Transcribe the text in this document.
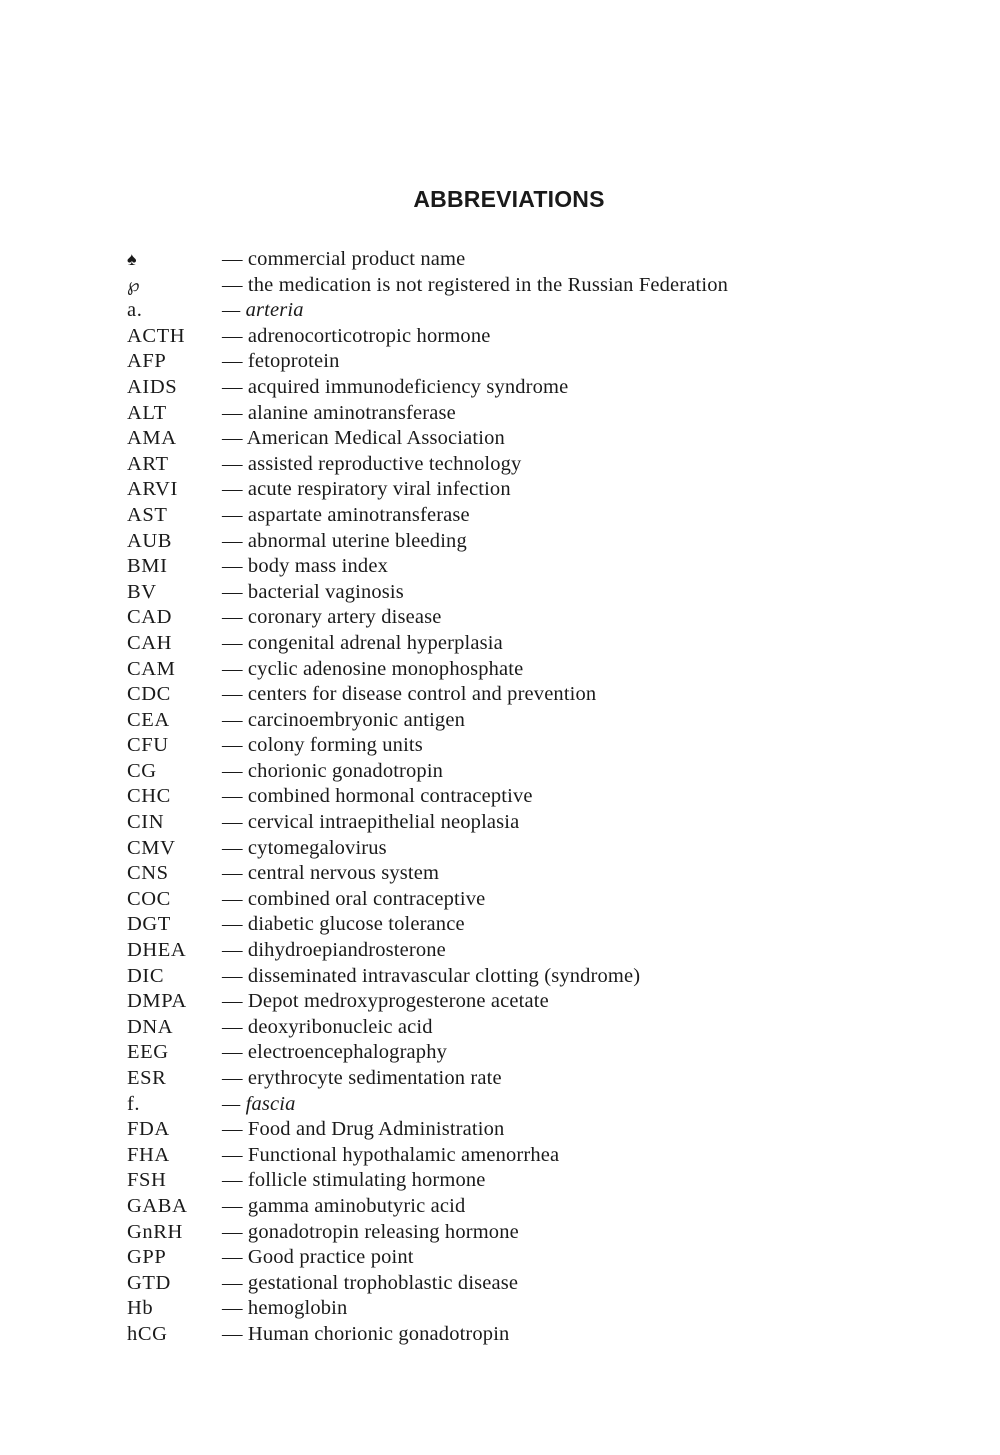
ABBREVIATIONS
♠	— commercial product name
℘	— the medication is not registered in the Russian Federation
a.	— arteria
ACTH — adrenocorticotropic hormone
AFP	— fetoprotein
AIDS — acquired immunodeficiency syndrome
ALT	— alanine aminotransferase
AMA — American Medical Association
ART	— assisted reproductive technology
ARVI — acute respiratory viral infection
AST	— aspartate aminotransferase
AUB — abnormal uterine bleeding
BMI	— body mass index
BV	— bacterial vaginosis
CAD — coronary artery disease
CAH — congenital adrenal hyperplasia
CAM — cyclic adenosine monophosphate
CDC — centers for disease control and prevention
CEA	— carcinoembryonic antigen
CFU	— colony forming units
CG	— chorionic gonadotropin
CHC — combined hormonal contraceptive
CIN	— cervical intraepithelial neoplasia
CMV — cytomegalovirus
CNS	— central nervous system
COC — combined oral contraceptive
DGT — diabetic glucose tolerance
DHEA — dihydroepiandrosterone
DIC	— disseminated intravascular clotting (syndrome)
DMPA — Depot medroxyprogesterone acetate
DNA — deoxyribonucleic acid
EEG	— electroencephalography
ESR	— erythrocyte sedimentation rate
f.	— fascia
FDA	— Food and Drug Administration
FHA	— Functional hypothalamic amenorrhea
FSH	— follicle stimulating hormone
GABA — gamma aminobutyric acid
GnRH — gonadotropin releasing hormone
GPP	— Good practice point
GTD — gestational trophoblastic disease
Hb	— hemoglobin
hCG	— Human chorionic gonadotropin
